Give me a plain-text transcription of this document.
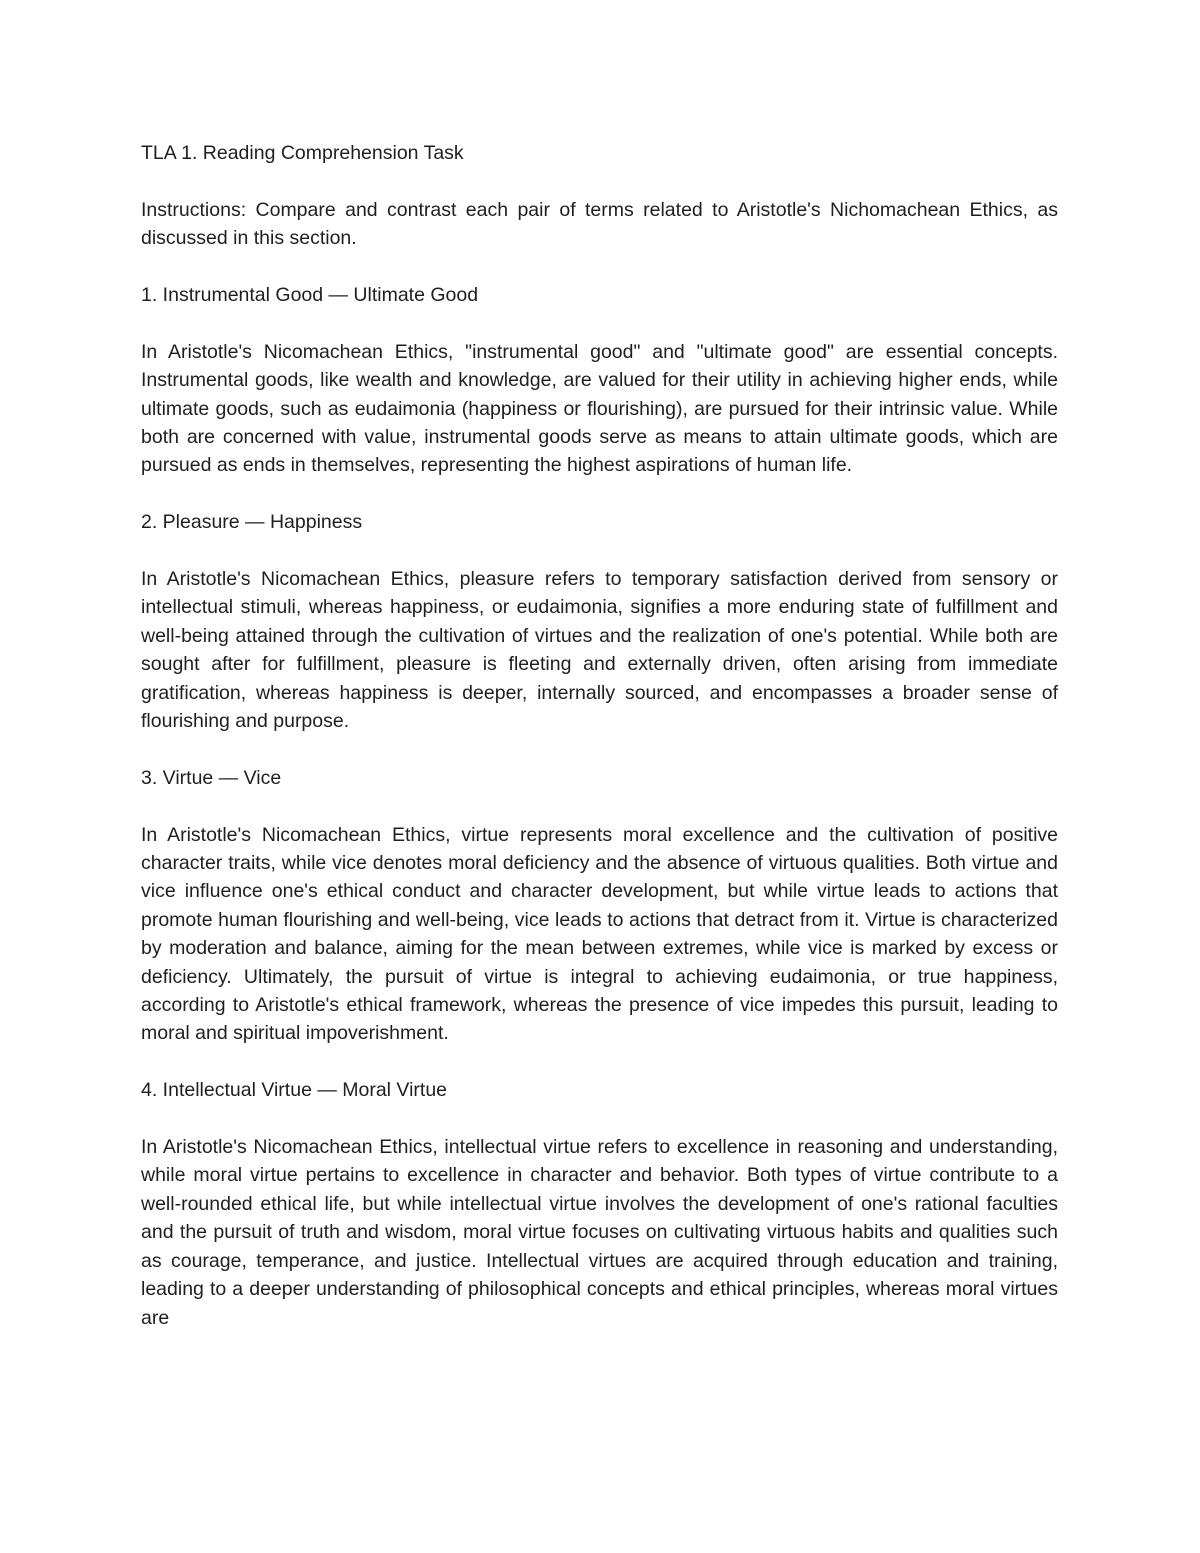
TLA 1. Reading Comprehension Task

Instructions: Compare and contrast each pair of terms related to Aristotle's Nichomachean Ethics, as discussed in this section.

1. Instrumental Good — Ultimate Good

In Aristotle's Nicomachean Ethics, "instrumental good" and "ultimate good" are essential concepts. Instrumental goods, like wealth and knowledge, are valued for their utility in achieving higher ends, while ultimate goods, such as eudaimonia (happiness or flourishing), are pursued for their intrinsic value. While both are concerned with value, instrumental goods serve as means to attain ultimate goods, which are pursued as ends in themselves, representing the highest aspirations of human life.

2. Pleasure — Happiness

In Aristotle's Nicomachean Ethics, pleasure refers to temporary satisfaction derived from sensory or intellectual stimuli, whereas happiness, or eudaimonia, signifies a more enduring state of fulfillment and well-being attained through the cultivation of virtues and the realization of one's potential. While both are sought after for fulfillment, pleasure is fleeting and externally driven, often arising from immediate gratification, whereas happiness is deeper, internally sourced, and encompasses a broader sense of flourishing and purpose.

3. Virtue — Vice

In Aristotle's Nicomachean Ethics, virtue represents moral excellence and the cultivation of positive character traits, while vice denotes moral deficiency and the absence of virtuous qualities. Both virtue and vice influence one's ethical conduct and character development, but while virtue leads to actions that promote human flourishing and well-being, vice leads to actions that detract from it. Virtue is characterized by moderation and balance, aiming for the mean between extremes, while vice is marked by excess or deficiency. Ultimately, the pursuit of virtue is integral to achieving eudaimonia, or true happiness, according to Aristotle's ethical framework, whereas the presence of vice impedes this pursuit, leading to moral and spiritual impoverishment.

4. Intellectual Virtue — Moral Virtue

In Aristotle's Nicomachean Ethics, intellectual virtue refers to excellence in reasoning and understanding, while moral virtue pertains to excellence in character and behavior. Both types of virtue contribute to a well-rounded ethical life, but while intellectual virtue involves the development of one's rational faculties and the pursuit of truth and wisdom, moral virtue focuses on cultivating virtuous habits and qualities such as courage, temperance, and justice. Intellectual virtues are acquired through education and training, leading to a deeper understanding of philosophical concepts and ethical principles, whereas moral virtues are
